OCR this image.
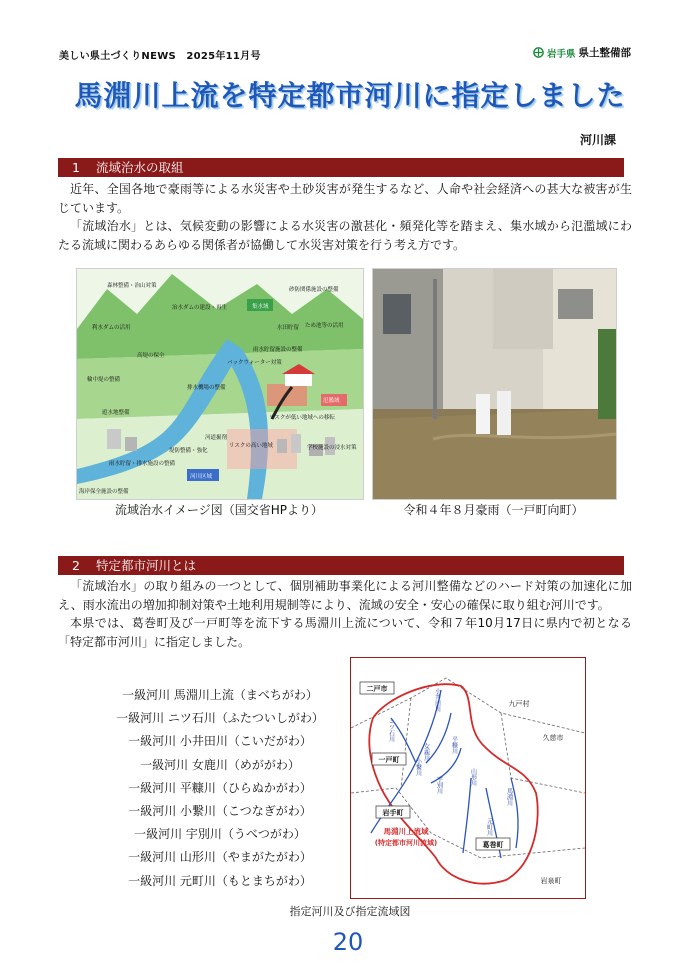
美しい県土づくりNEWS　2025年11月号	岩手県 県土整備部
馬淵川上流を特定都市河川に指定しました
河川課
1 流域治水の取組

近年、全国各地で豪雨等による水災害や土砂災害が発生するなど、人命や社会経済への甚大な被害が生じています。

「流域治水」とは、気候変動の影響による水災害の激甚化・頻発化等を踏まえ、集水域から氾濫域にわたる流域に関わるあらゆる関係者が協働して水災害対策を行う考え方です。

森林整備・治山対策
集水域
治水ダムの建設・再生
砂防関係施設の整備
利水ダムの活用	水田貯留 ため池等の活用
雨水貯留施設の整備
高堤の保全
バックウォーター対策
輪中堤の整備
排水機場の整備
リスクが低い地域への移転
遊水地整備
河道掘削
氾濫域
堤防整備・強化
リスクの高い地域	学校施設の浸水対策
雨水貯留・排水施設の整備
河川区域
海岸保全施設の整備
流域治水イメージ図（国交省HPより）	令和４年８月豪雨（一戸町向町）
2 特定都市河川とは

「流域治水」の取り組みの一つとして、個別補助事業化による河川整備などのハード対策の加速化に加え、雨水流出の増加抑制対策や土地利用規制等により、流域の安全・安心の確保に取り組む河川です。

本県では、葛巻町及び一戸町等を流下する馬淵川上流について、令和７年10月17日に県内で初となる「特定都市河川」に指定しました。

一級河川 馬淵川上流（まべちがわ）
一級河川 ニツ石川（ふたついしがわ）
一級河川 小井田川（こいだがわ）
一級河川 女鹿川（めががわ）
一級河川 平糠川（ひらぬかがわ）
一級河川 小繋川（こつなぎがわ）
一級河川 宇別川（うべつがわ）
一級河川 山形川（やまがたがわ）
一級河川 元町川（もとまちがわ）
二戸市
九戸村
久慈市
一戸町
岩手町
葛巻町
岩泉町
小井田川
ニツ石川
女鹿川
小繋川
平糠川
宇別川	山形川
元町川
馬淵川
馬淵川上流域
(特定都市河川流域)
指定河川及び指定流域図
20
